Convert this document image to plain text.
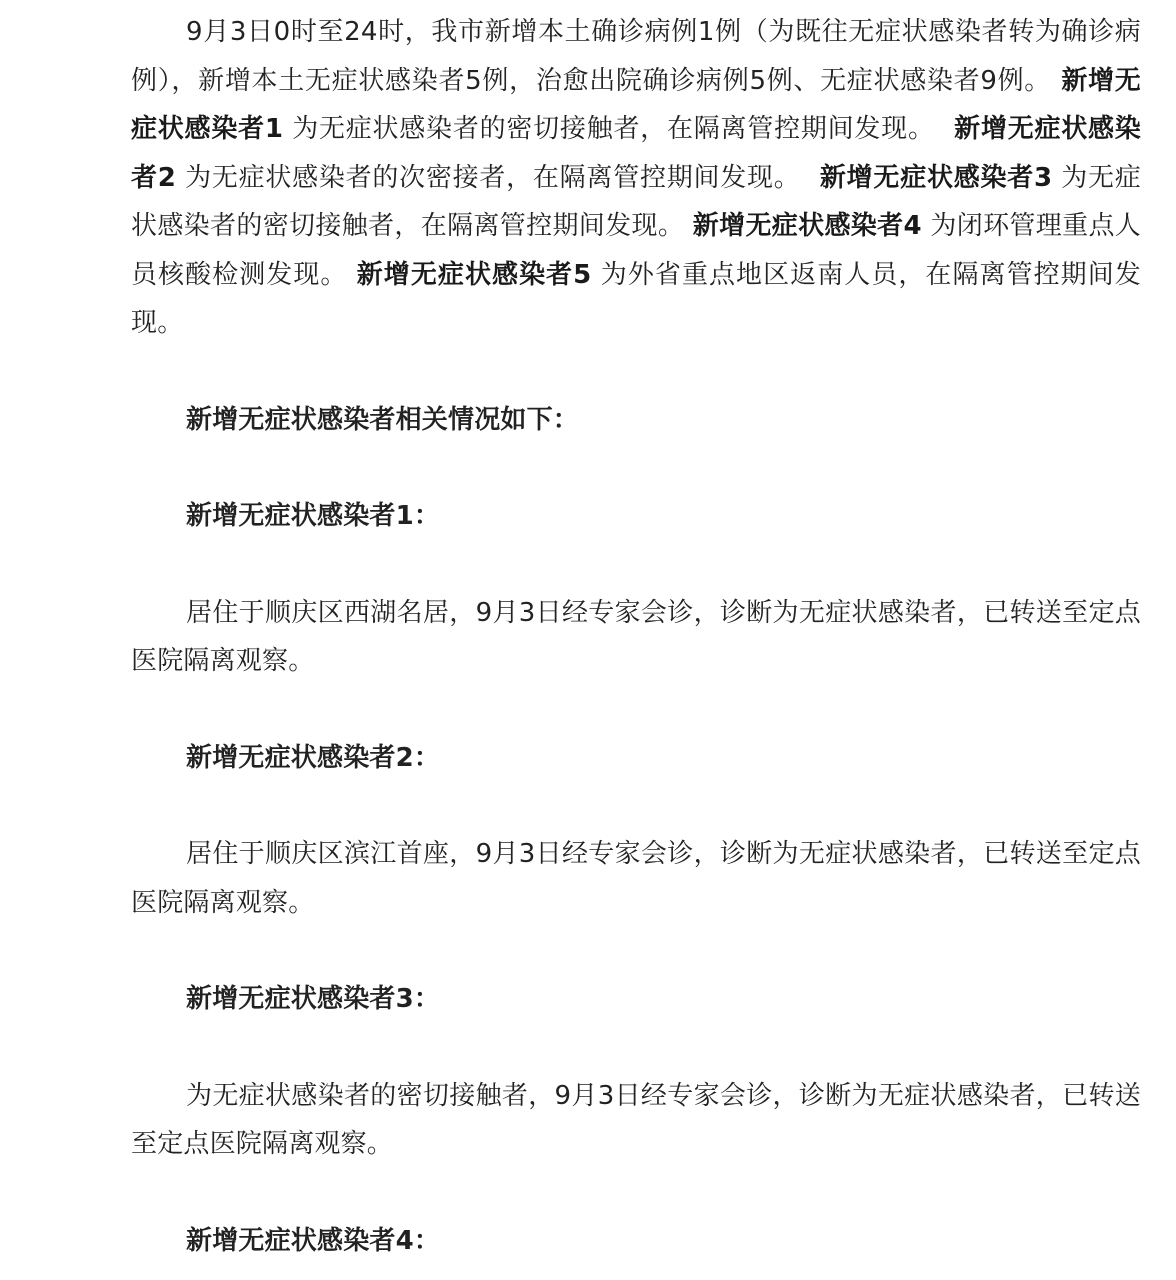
9月3日0时至24时，我市新增本土确诊病例1例（为既往无症状感染者转为确诊病例），新增本土无症状感染者5例，治愈出院确诊病例5例、无症状感染者9例。 新增无症状感染者1 为无症状感染者的密切接触者，在隔离管控期间发现。 新增无症状感染者2 为无症状感染者的次密接者，在隔离管控期间发现。 新增无症状感染者3 为无症状感染者的密切接触者，在隔离管控期间发现。 新增无症状感染者4 为闭环管理重点人员核酸检测发现。 新增无症状感染者5 为外省重点地区返南人员，在隔离管控期间发现。

新增无症状感染者相关情况如下：

新增无症状感染者1：

居住于顺庆区西湖名居，9月3日经专家会诊，诊断为无症状感染者，已转送至定点医院隔离观察。

新增无症状感染者2：

居住于顺庆区滨江首座，9月3日经专家会诊，诊断为无症状感染者，已转送至定点医院隔离观察。

新增无症状感染者3：

为无症状感染者的密切接触者，9月3日经专家会诊，诊断为无症状感染者，已转送至定点医院隔离观察。

新增无症状感染者4：
